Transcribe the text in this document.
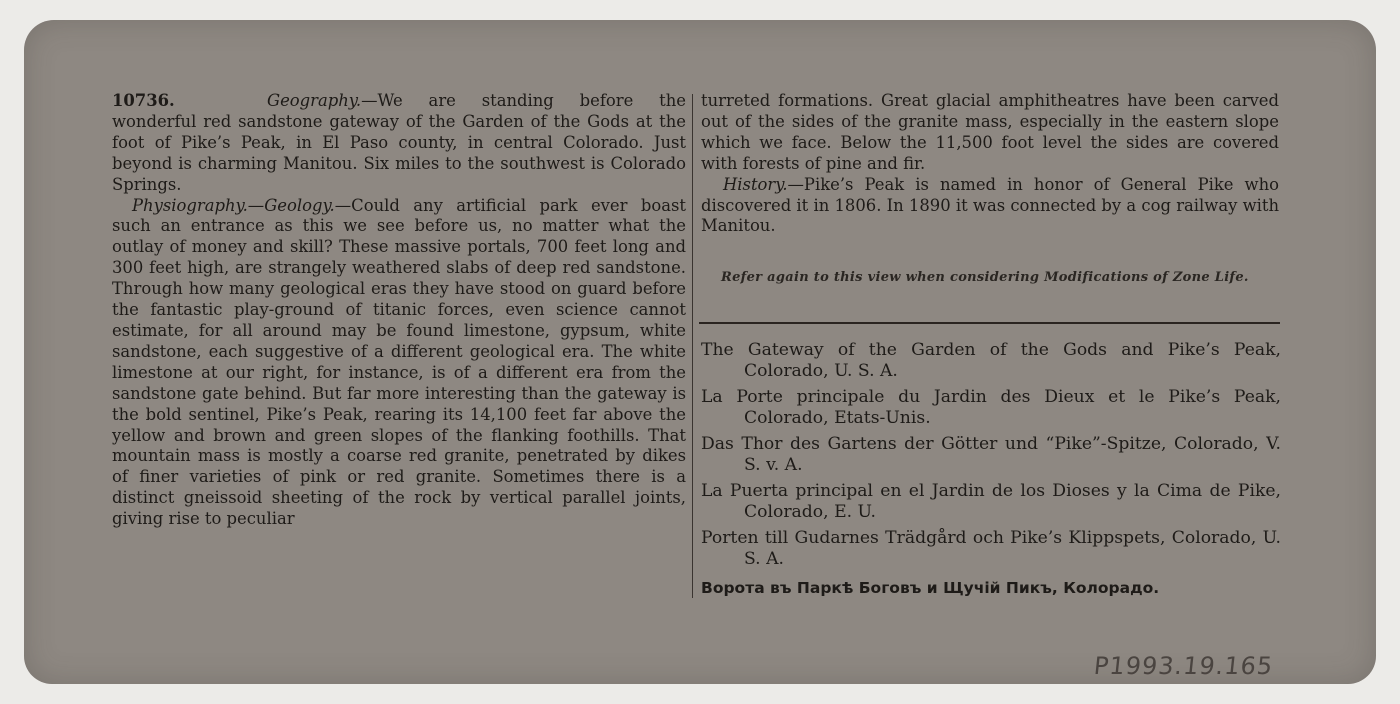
10736.	Geography.—We are standing before the wonderful red sandstone gateway of the Garden of the Gods at the foot of Pike’s Peak, in El Paso county, in central Colorado. Just beyond is charming Manitou. Six miles to the southwest is Colorado Springs.

Physiography.—Geology.—Could any artificial park ever boast such an entrance as this we see before us, no matter what the outlay of money and skill? These massive portals, 700 feet long and 300 feet high, are strangely weathered slabs of deep red sandstone. Through how many geological eras they have stood on guard before the fantastic play-ground of titanic forces, even science cannot estimate, for all around may be found limestone, gypsum, white sandstone, each suggestive of a different geological era. The white limestone at our right, for instance, is of a different era from the sandstone gate behind. But far more interesting than the gateway is the bold sentinel, Pike’s Peak, rearing its 14,100 feet far above the yellow and brown and green slopes of the flanking foothills. That mountain mass is mostly a coarse red granite, penetrated by dikes of finer varieties of pink or red granite. Sometimes there is a distinct gneissoid sheeting of the rock by vertical parallel joints, giving rise to peculiar

turreted formations. Great glacial amphitheatres have been carved out of the sides of the granite mass, especially in the eastern slope which we face. Below the 11,500 foot level the sides are covered with forests of pine and fir.

History.—Pike’s Peak is named in honor of General Pike who discovered it in 1806. In 1890 it was connected by a cog railway with Manitou.

Refer again to this view when considering Modifications of Zone Life.

The Gateway of the Garden of the Gods and Pike’s Peak, Colorado, U. S. A.

La Porte principale du Jardin des Dieux et le Pike’s Peak, Colorado, Etats-Unis.

Das Thor des Gartens der Götter und “Pike”-Spitze, Colorado, V. S. v. A.

La Puerta principal en el Jardin de los Dioses y la Cima de Pike, Colorado, E. U.

Porten till Gudarnes Trädgård och Pike’s Klippspets, Colorado, U. S. A.

Ворота въ Паркѣ Боговъ и Щучiй Пикъ, Колорадо.

P1993.19.165
